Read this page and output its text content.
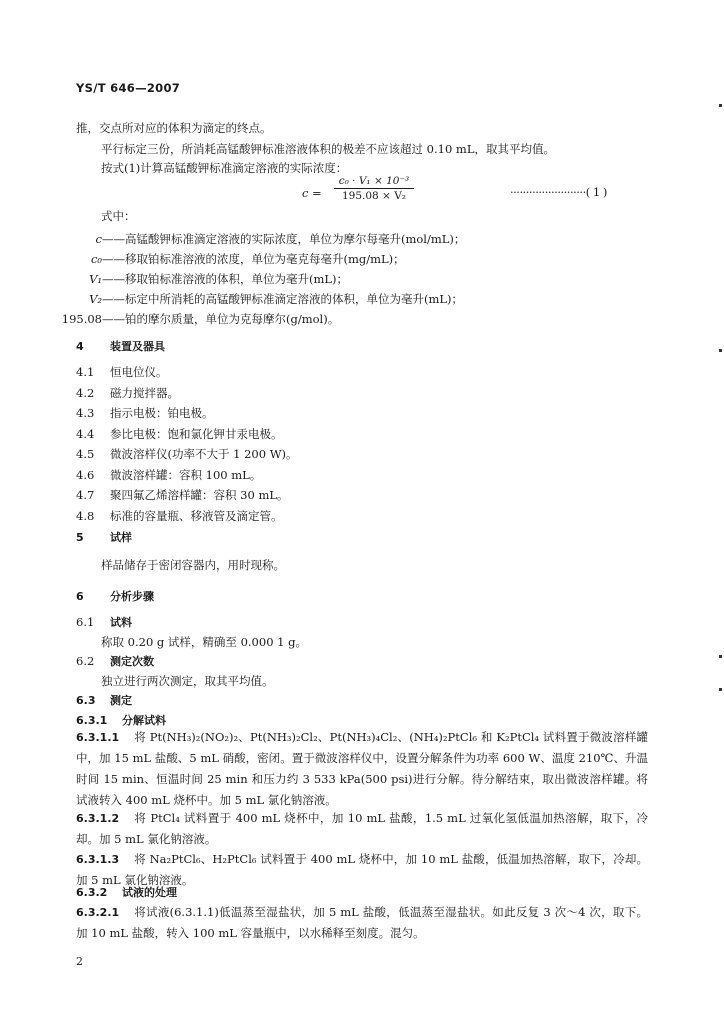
YS/T 646—2007
推，交点所对应的体积为滴定的终点。
平行标定三份，所消耗高锰酸钾标准溶液体积的极差不应该超过 0.10 mL，取其平均值。
按式(1)计算高锰酸钾标准滴定溶液的实际浓度：
c =
c₀ · V₁ × 10⁻³
195.08 × V₂	························( 1 )
式中：
c——高锰酸钾标准滴定溶液的实际浓度，单位为摩尔每毫升(mol/mL)；
c₀——移取铂标准溶液的浓度，单位为毫克每毫升(mg/mL)；
V₁——移取铂标准溶液的体积，单位为毫升(mL)；
V₂——标定中所消耗的高锰酸钾标准滴定溶液的体积，单位为毫升(mL)；
195.08——铂的摩尔质量，单位为克每摩尔(g/mol)。
4 装置及器具
4.1 恒电位仪。
4.2 磁力搅拌器。
4.3 指示电极：铂电极。
4.4 参比电极：饱和氯化钾甘汞电极。
4.5 微波溶样仪(功率不大于 1 200 W)。
4.6 微波溶样罐：容积 100 mL。
4.7 聚四氟乙烯溶样罐：容积 30 mL。
4.8 标准的容量瓶、移液管及滴定管。
5 试样
样品储存于密闭容器内，用时现称。
6 分析步骤
6.1 试料
称取 0.20 g 试样，精确至 0.000 1 g。
6.2 测定次数
独立进行两次测定，取其平均值。
6.3 测定
6.3.1 分解试料
6.3.1.1 将 Pt(NH₃)₂(NO₂)₂、Pt(NH₃)₂Cl₂、Pt(NH₃)₄Cl₂、(NH₄)₂PtCl₆ 和 K₂PtCl₄ 试料置于微波溶样罐中，加 15 mL 盐酸、5 mL 硝酸，密闭。置于微波溶样仪中，设置分解条件为功率 600 W、温度 210℃、升温时间 15 min、恒温时间 25 min 和压力约 3 533 kPa(500 psi)进行分解。待分解结束，取出微波溶样罐。将试液转入 400 mL 烧杯中。加 5 mL 氯化钠溶液。
6.3.1.2 将 PtCl₄ 试料置于 400 mL 烧杯中，加 10 mL 盐酸，1.5 mL 过氧化氢低温加热溶解，取下，冷却。加 5 mL 氯化钠溶液。
6.3.1.3 将 Na₂PtCl₆、H₂PtCl₆ 试料置于 400 mL 烧杯中，加 10 mL 盐酸，低温加热溶解，取下，冷却。加 5 mL 氯化钠溶液。
6.3.2 试液的处理
6.3.2.1 将试液(6.3.1.1)低温蒸至湿盐状，加 5 mL 盐酸，低温蒸至湿盐状。如此反复 3 次～4 次，取下。加 10 mL 盐酸，转入 100 mL 容量瓶中，以水稀释至刻度。混匀。
2
